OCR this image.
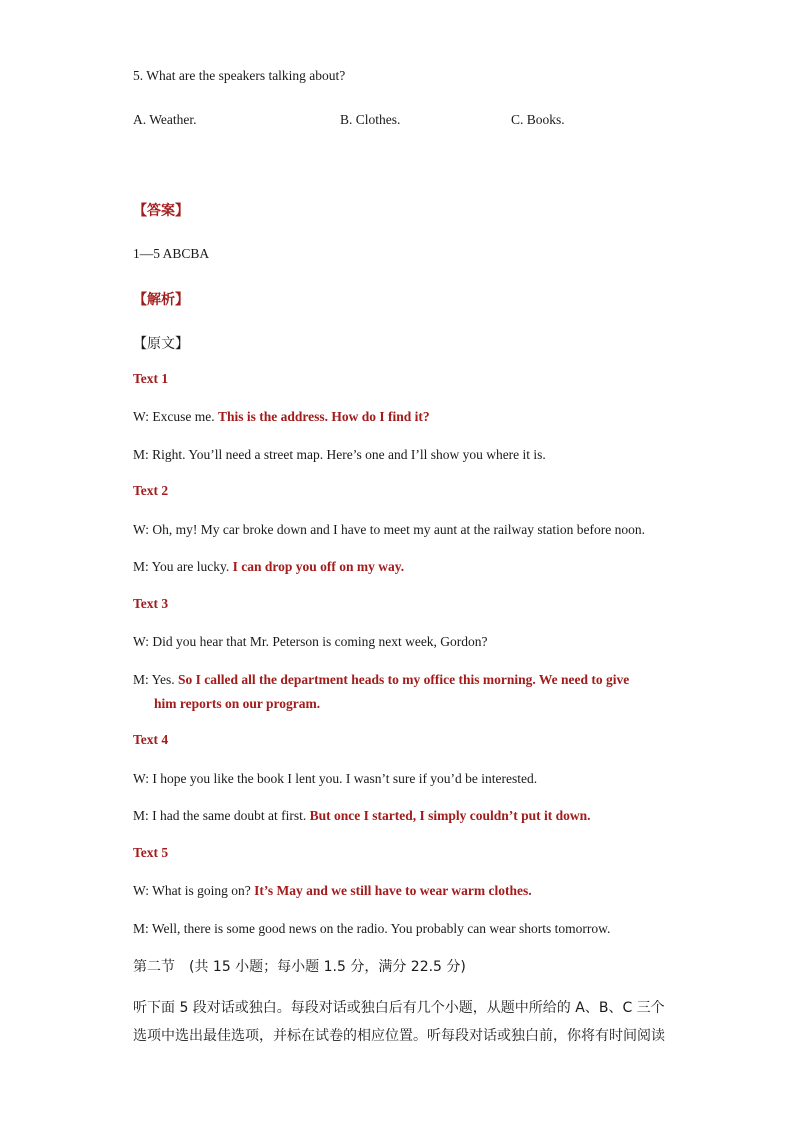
5. What are the speakers talking about?
A. Weather.	B. Clothes.	C. Books.
【答案】
1—5 ABCBA
【解析】
【原文】
Text 1
W: Excuse me. This is the address. How do I find it?
M: Right. You’ll need a street map. Here’s one and I’ll show you where it is.
Text 2
W: Oh, my! My car broke down and I have to meet my aunt at the railway station before noon.
M: You are lucky. I can drop you off on my way.
Text 3
W: Did you hear that Mr. Peterson is coming next week, Gordon?
M: Yes. So I called all the department heads to my office this morning. We need to give
him reports on our program.
Text 4
W: I hope you like the book I lent you. I wasn’t sure if you’d be interested.
M: I had the same doubt at first. But once I started, I simply couldn’t put it down.
Text 5
W: What is going on? It’s May and we still have to wear warm clothes.
M: Well, there is some good news on the radio. You probably can wear shorts tomorrow.
第二节　(共 15 小题；每小题 1.5 分，满分 22.5 分)
听下面 5 段对话或独白。每段对话或独白后有几个小题，从题中所给的 A、B、C 三个
选项中选出最佳选项，并标在试卷的相应位置。听每段对话或独白前，你将有时间阅读
